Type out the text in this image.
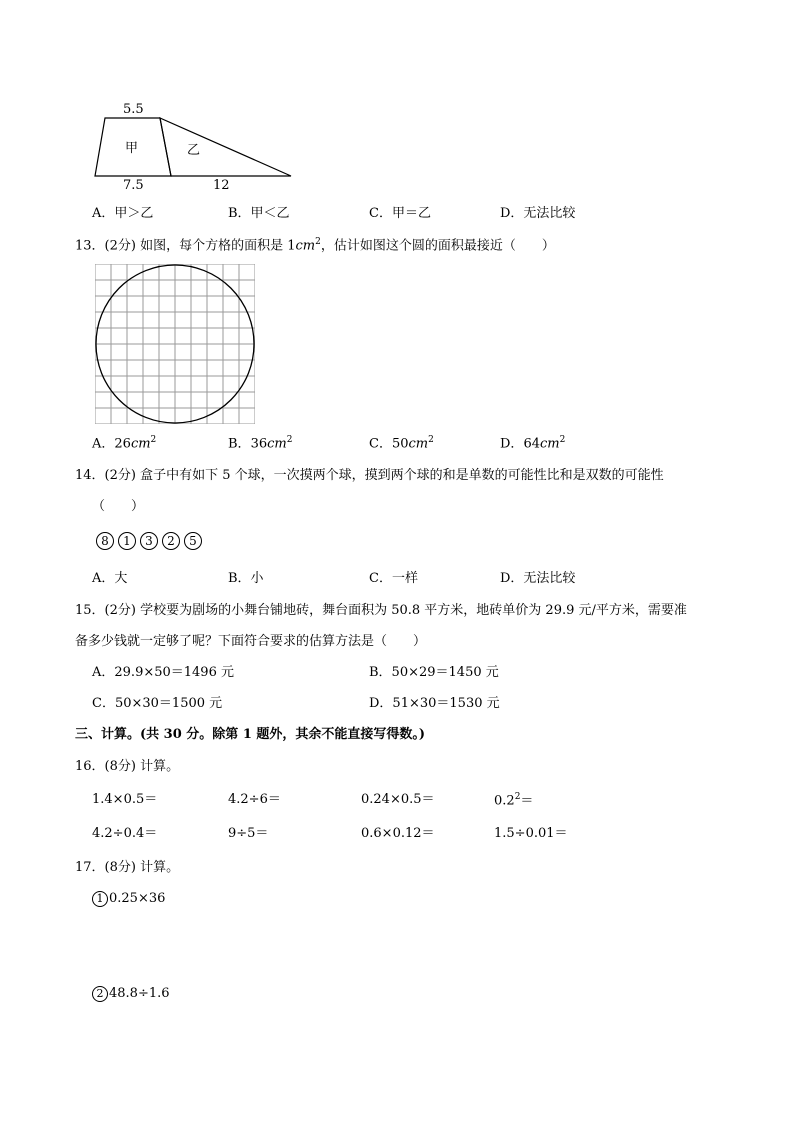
5.5
甲	乙
7.5	12
A．甲＞乙	B．甲＜乙	C．甲＝乙	D．无法比较
13．(2分) 如图，每个方格的面积是 $1cm^2$，估计如图这个圆的面积最接近（　　）
A．$26cm^2$	B．$36cm^2$	C．$50cm^2$	D．$64cm^2$
14．(2分) 盒子中有如下 5 个球，一次摸两个球，摸到两个球的和是单数的可能性比和是双数的可能性
（　　）
8	1	3	2	5
A．大	B．小	C．一样	D．无法比较
15．(2分) 学校要为剧场的小舞台铺地砖，舞台面积为 50.8 平方米，地砖单价为 29.9 元/平方米，需要准
备多少钱就一定够了呢？下面符合要求的估算方法是（　　）
A．29.9×50＝1496 元	B．50×29＝1450 元
C．50×30＝1500 元	D．51×30＝1530 元
三、计算。(共 30 分。除第 1 题外，其余不能直接写得数。)
16．(8分) 计算。
1.4×0.5＝	4.2÷6＝	0.24×0.5＝	$0.2^2=$
4.2÷0.4＝	9÷5＝	0.6×0.12＝	1.5÷0.01＝
17．(8分) 计算。
1 0.25×36
2 48.8÷1.6
